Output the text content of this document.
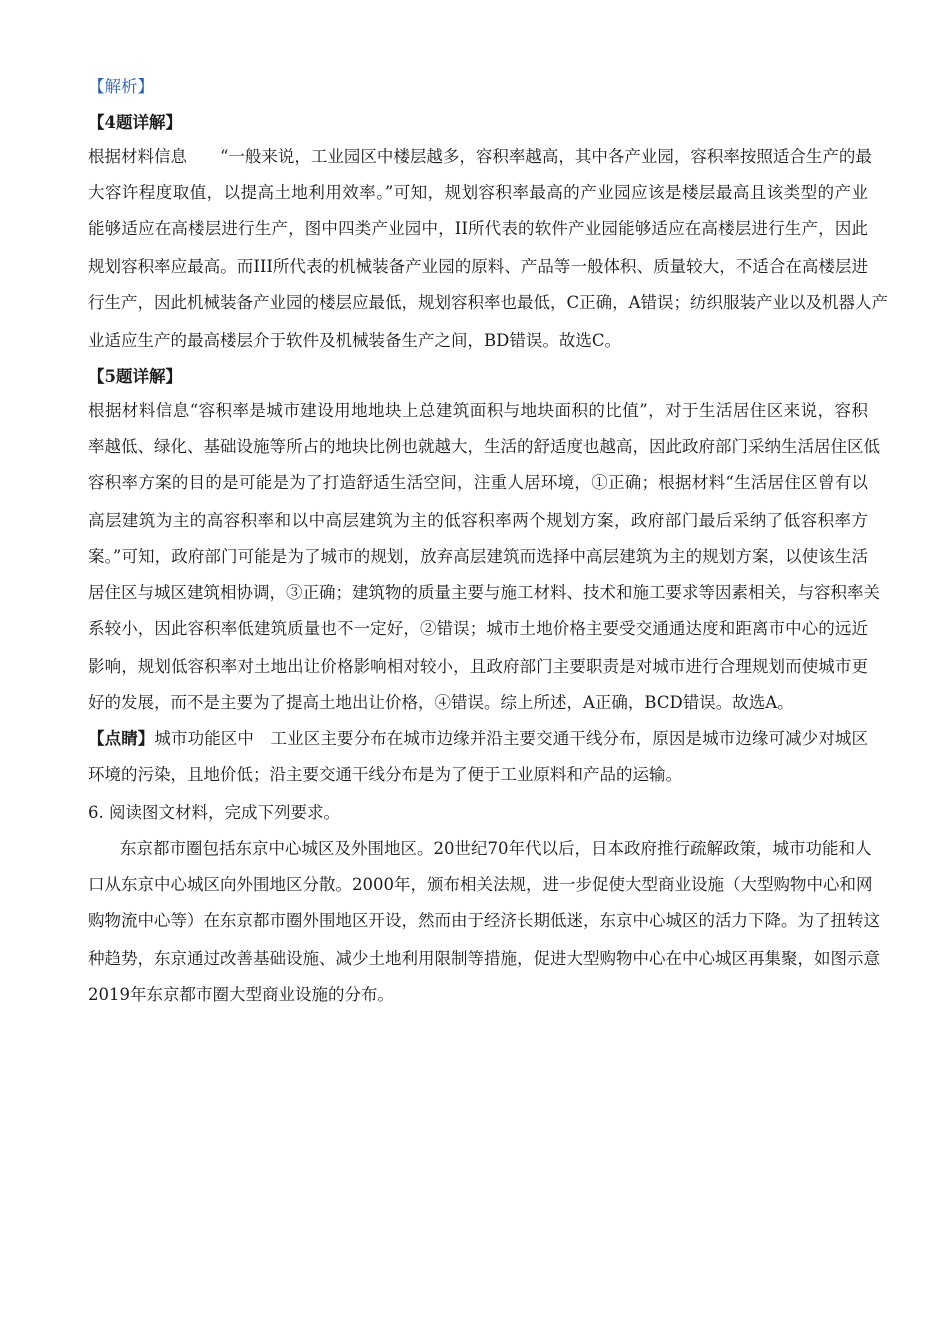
【解析】
【4题详解】
根据材料信息　　“一般来说，工业园区中楼层越多，容积率越高，其中各产业园，容积率按照适合生产的最
大容许程度取值，以提高土地利用效率。”可知，规划容积率最高的产业园应该是楼层最高且该类型的产业
能够适应在高楼层进行生产，图中四类产业园中，II所代表的软件产业园能够适应在高楼层进行生产，因此
规划容积率应最高。而III所代表的机械装备产业园的原料、产品等一般体积、质量较大，不适合在高楼层进
行生产，因此机械装备产业园的楼层应最低，规划容积率也最低，C正确，A错误；纺织服装产业以及机器人产
业适应生产的最高楼层介于软件及机械装备生产之间，BD错误。故选C。
【5题详解】
根据材料信息“容积率是城市建设用地地块上总建筑面积与地块面积的比值”，对于生活居住区来说，容积
率越低、绿化、基础设施等所占的地块比例也就越大，生活的舒适度也越高，因此政府部门采纳生活居住区低
容积率方案的目的是可能是为了打造舒适生活空间，注重人居环境，①正确；根据材料“生活居住区曾有以
高层建筑为主的高容积率和以中高层建筑为主的低容积率两个规划方案，政府部门最后采纳了低容积率方
案。”可知，政府部门可能是为了城市的规划，放弃高层建筑而选择中高层建筑为主的规划方案，以使该生活
居住区与城区建筑相协调，③正确；建筑物的质量主要与施工材料、技术和施工要求等因素相关，与容积率关
系较小，因此容积率低建筑质量也不一定好，②错误；城市土地价格主要受交通通达度和距离市中心的远近
影响，规划低容积率对土地出让价格影响相对较小，且政府部门主要职责是对城市进行合理规划而使城市更
好的发展，而不是主要为了提高土地出让价格，④错误。综上所述，A正确，BCD错误。故选A。
【点睛】城市功能区中　工业区主要分布在城市边缘并沿主要交通干线分布，原因是城市边缘可减少对城区
环境的污染，且地价低；沿主要交通干线分布是为了便于工业原料和产品的运输。
6. 阅读图文材料，完成下列要求。
东京都市圈包括东京中心城区及外围地区。20世纪70年代以后，日本政府推行疏解政策，城市功能和人
口从东京中心城区向外围地区分散。2000年，颁布相关法规，进一步促使大型商业设施（大型购物中心和网
购物流中心等）在东京都市圈外围地区开设，然而由于经济长期低迷，东京中心城区的活力下降。为了扭转这
种趋势，东京通过改善基础设施、减少土地利用限制等措施，促进大型购物中心在中心城区再集聚，如图示意
2019年东京都市圈大型商业设施的分布。
